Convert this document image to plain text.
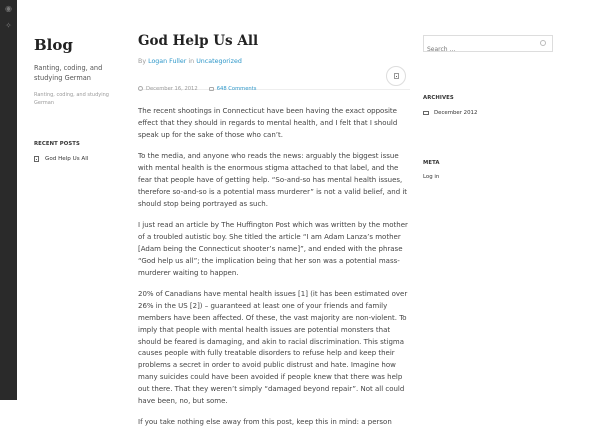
◉
✧
Blog
Ranting, coding, and studying German
Ranting, coding, and studying German
RECENT POSTS
God Help Us All
God Help Us All
By Logan Fuller in Uncategorized
December 16, 2012
	648 Comments

The recent shootings in Connecticut have been having the exact opposite effect that they should in regards to mental health, and I felt that I should speak up for the sake of those who can’t.

To the media, and anyone who reads the news: arguably the biggest issue with mental health is the enormous stigma attached to that label, and the fear that people have of getting help. “So-and-so has mental health issues, therefore so-and-so is a potential mass murderer” is not a valid belief, and it should stop being portrayed as such.

I just read an article by The Huffington Post which was written by the mother of a troubled autistic boy. She titled the article “I am Adam Lanza’s mother [Adam being the Connecticut shooter’s name]”, and ended with the phrase “God help us all”; the implication being that her son was a potential mass-murderer waiting to happen.

20% of Canadians have mental health issues [1] (it has been estimated over 26% in the US [2]) – guaranteed at least one of your friends and family members have been affected. Of these, the vast majority are non-violent. To imply that people with mental health issues are potential monsters that should be feared is damaging, and akin to racial discrimination. This stigma causes people with fully treatable disorders to refuse help and keep their problems a secret in order to avoid public distrust and hate. Imagine how many suicides could have been avoided if people knew that there was help out there. That they weren’t simply “damaged beyond repair”. Not all could have been, no, but some.

If you take nothing else away from this post, keep this in mind: a person

Search ...
ARCHIVES
December 2012
META
Log in
